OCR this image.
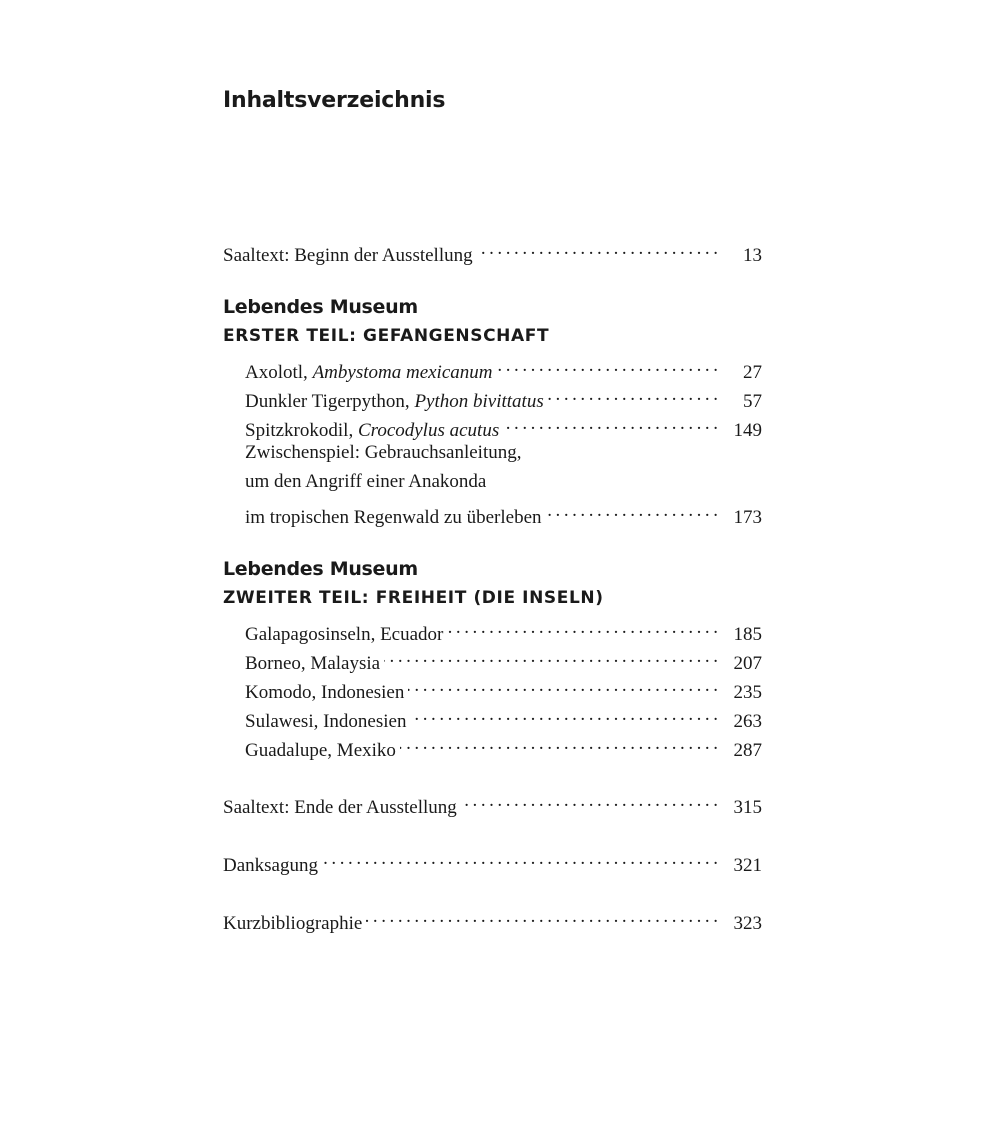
Inhaltsverzeichnis
Saaltext: Beginn der Ausstellung . . .	13
Lebendes Museum
ERSTER TEIL: GEFANGENSCHAFT
Axolotl, Ambystoma mexicanum . . .	27
Dunkler Tigerpython, Python bivittatus . . .	57
Spitzkrokodil, Crocodylus acutus . . .	149
Zwischenspiel: Gebrauchsanleitung,
um den Angriff einer Anakonda
im tropischen Regenwald zu überleben . . .	173
Lebendes Museum
ZWEITER TEIL: FREIHEIT (DIE INSELN)
Galapagosinseln, Ecuador . . .	185
Borneo, Malaysia . . .	207
Komodo, Indonesien . . .	235
Sulawesi, Indonesien . . .	263
Guadalupe, Mexiko . . .	287
Saaltext: Ende der Ausstellung . . .	315
Danksagung . . .	321
Kurzbibliographie . . .	323
